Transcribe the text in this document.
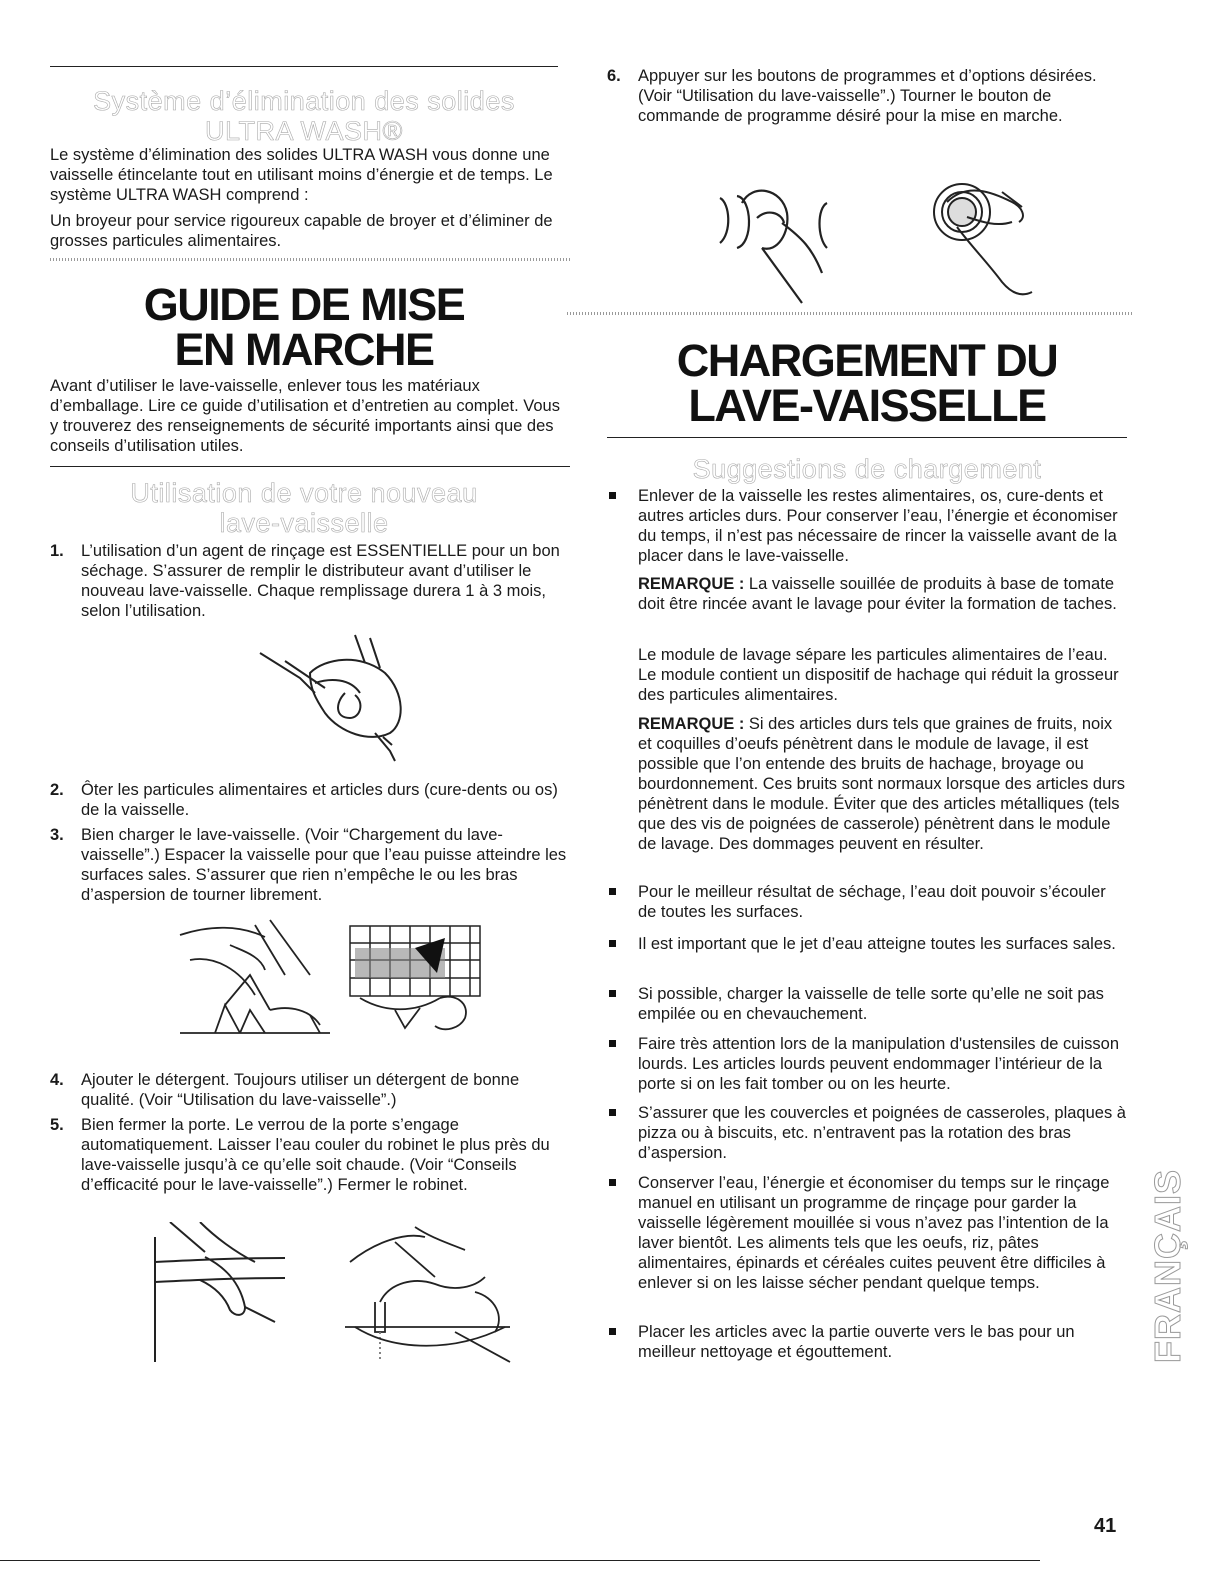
Système d’élimination des solides
ULTRA WASH®

Le système d’élimination des solides ULTRA WASH vous donne une vaisselle étincelante tout en utilisant moins d’énergie et de temps. Le système ULTRA WASH comprend :

Un broyeur pour service rigoureux capable de broyer et d’éliminer de grosses particules alimentaires.

GUIDE DE MISE
EN MARCHE

Avant d’utiliser le lave-vaisselle, enlever tous les matériaux d’emballage. Lire ce guide d’utilisation et d’entretien au complet. Vous y trouverez des renseignements de sécurité importants ainsi que des conseils d’utilisation utiles.

Utilisation de votre nouveau
lave-vaisselle
1. L’utilisation d’un agent de rinçage est ESSENTIELLE pour un bon séchage. S’assurer de remplir le distributeur avant d’utiliser le nouveau lave-vaisselle. Chaque remplissage durera 1 à 3 mois, selon l’utilisation.

2. Ôter les particules alimentaires et articles durs (cure-dents ou os) de la vaisselle.

3. Bien charger le lave-vaisselle. (Voir “Chargement du lave-vaisselle”.) Espacer la vaisselle pour que l’eau puisse atteindre les surfaces sales. S’assurer que rien n’empêche le ou les bras d’aspersion de tourner librement.

4. Ajouter le détergent. Toujours utiliser un détergent de bonne qualité. (Voir “Utilisation du lave-vaisselle”.)

5. Bien fermer la porte. Le verrou de la porte s’engage automatiquement. Laisser l’eau couler du robinet le plus près du lave-vaisselle jusqu’à ce qu’elle soit chaude. (Voir “Conseils d’efficacité pour le lave-vaisselle”.) Fermer le robinet.

6. Appuyer sur les boutons de programmes et d’options désirées. (Voir “Utilisation du lave-vaisselle”.) Tourner le bouton de commande de programme désiré pour la mise en marche.

CHARGEMENT DU
LAVE-VAISSELLE
Suggestions de chargement

Enlever de la vaisselle les restes alimentaires, os, cure-dents et autres articles durs. Pour conserver l’eau, l’énergie et économiser du temps, il n’est pas nécessaire de rincer la vaisselle avant de la placer dans le lave-vaisselle.

REMARQUE : La vaisselle souillée de produits à base de tomate doit être rincée avant le lavage pour éviter la formation de taches.

Le module de lavage sépare les particules alimentaires de l’eau. Le module contient un dispositif de hachage qui réduit la grosseur des particules alimentaires.

REMARQUE : Si des articles durs tels que graines de fruits, noix et coquilles d’oeufs pénètrent dans le module de lavage, il est possible que l’on entende des bruits de hachage, broyage ou bourdonnement. Ces bruits sont normaux lorsque des articles durs pénètrent dans le module. Éviter que des articles métalliques (tels que des vis de poignées de casserole) pénètrent dans le module de lavage. Des dommages peuvent en résulter.

Pour le meilleur résultat de séchage, l’eau doit pouvoir s’écouler de toutes les surfaces.

Il est important que le jet d’eau atteigne toutes les surfaces sales.

Si possible, charger la vaisselle de telle sorte qu’elle ne soit pas empilée ou en chevauchement.

Faire très attention lors de la manipulation d'ustensiles de cuisson lourds. Les articles lourds peuvent endommager l’intérieur de la porte si on les fait tomber ou on les heurte.

S’assurer que les couvercles et poignées de casseroles, plaques à pizza ou à biscuits, etc. n’entravent pas la rotation des bras d’aspersion.

Conserver l’eau, l’énergie et économiser du temps sur le rinçage manuel en utilisant un programme de rinçage pour garder la vaisselle légèrement mouillée si vous n’avez pas l’intention de la laver bientôt. Les aliments tels que les oeufs, riz, pâtes alimentaires, épinards et céréales cuites peuvent être difficiles à enlever si on les laisse sécher pendant quelque temps.

Placer les articles avec la partie ouverte vers le bas pour un meilleur nettoyage et égouttement.	FRANÇAIS
41
